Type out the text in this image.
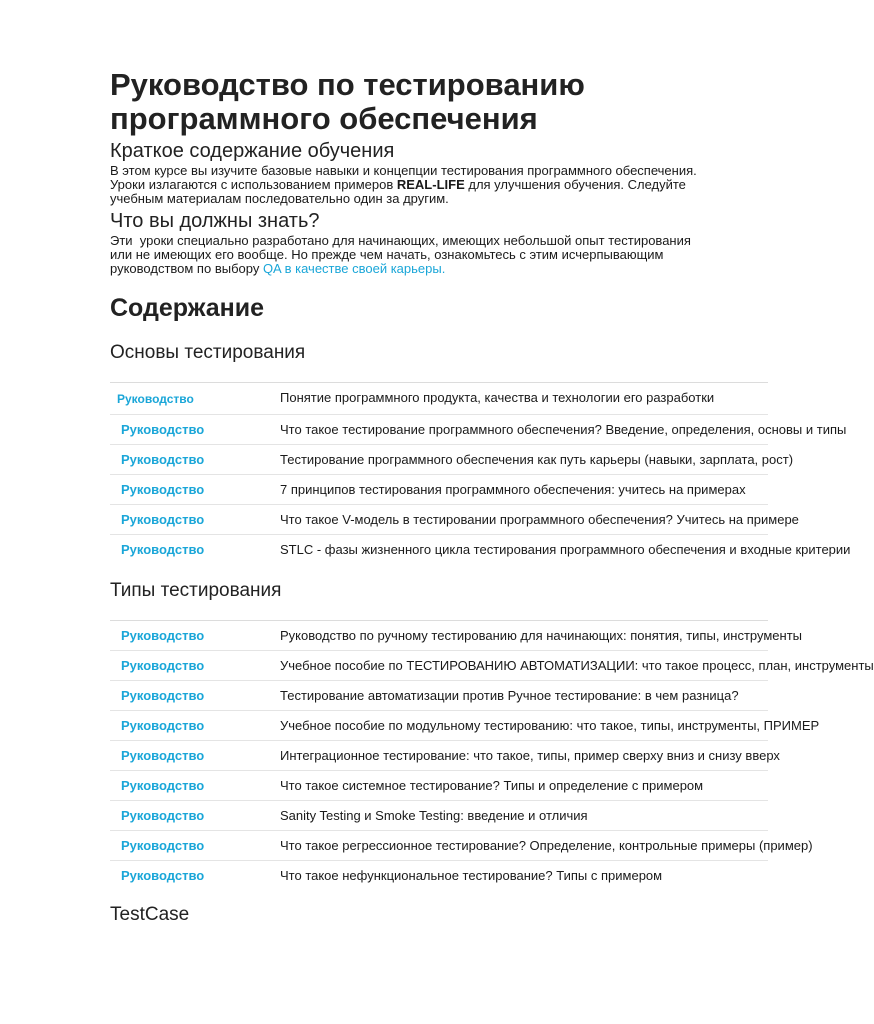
Руководство по тестированию программного обеспечения
Краткое содержание обучения

В этом курсе вы изучите базовые навыки и концепции тестирования программного обеспечения. Уроки излагаются с использованием примеров REAL-LIFE для улучшения обучения. Следуйте учебным материалам последовательно один за другим.

Что вы должны знать?

Эти  уроки специально разработано для начинающих, имеющих небольшой опыт тестирования или не имеющих его вообще. Но прежде чем начать, ознакомьтесь с этим исчерпывающим руководством по выбору QA в качестве своей карьеры.

Содержание
Основы тестирования
Руководство	Понятие программного продукта, качества и технологии его разработки
Руководство	Что такое тестирование программного обеспечения? Введение, определения, основы и типы
Руководство	Тестирование программного обеспечения как путь карьеры (навыки, зарплата, рост)
Руководство	7 принципов тестирования программного обеспечения: учитесь на примерах
Руководство	Что такое V-модель в тестировании программного обеспечения? Учитесь на примере
Руководство	STLC - фазы жизненного цикла тестирования программного обеспечения и входные критерии
Типы тестирования
Руководство	Руководство по ручному тестированию для начинающих: понятия, типы, инструменты
Руководство	Учебное пособие по ТЕСТИРОВАНИЮ АВТОМАТИЗАЦИИ: что такое процесс, план, инструменты
Руководство	Тестирование автоматизации против Ручное тестирование: в чем разница?
Руководство	Учебное пособие по модульному тестированию: что такое, типы, инструменты, ПРИМЕР
Руководство	Интеграционное тестирование: что такое, типы, пример сверху вниз и снизу вверх
Руководство	Что такое системное тестирование? Типы и определение с примером
Руководство	Sanity Testing и Smoke Testing: введение и отличия
Руководство	Что такое регрессионное тестирование? Определение, контрольные примеры (пример)
Руководство	Что такое нефункциональное тестирование? Типы с примером
TestCase
